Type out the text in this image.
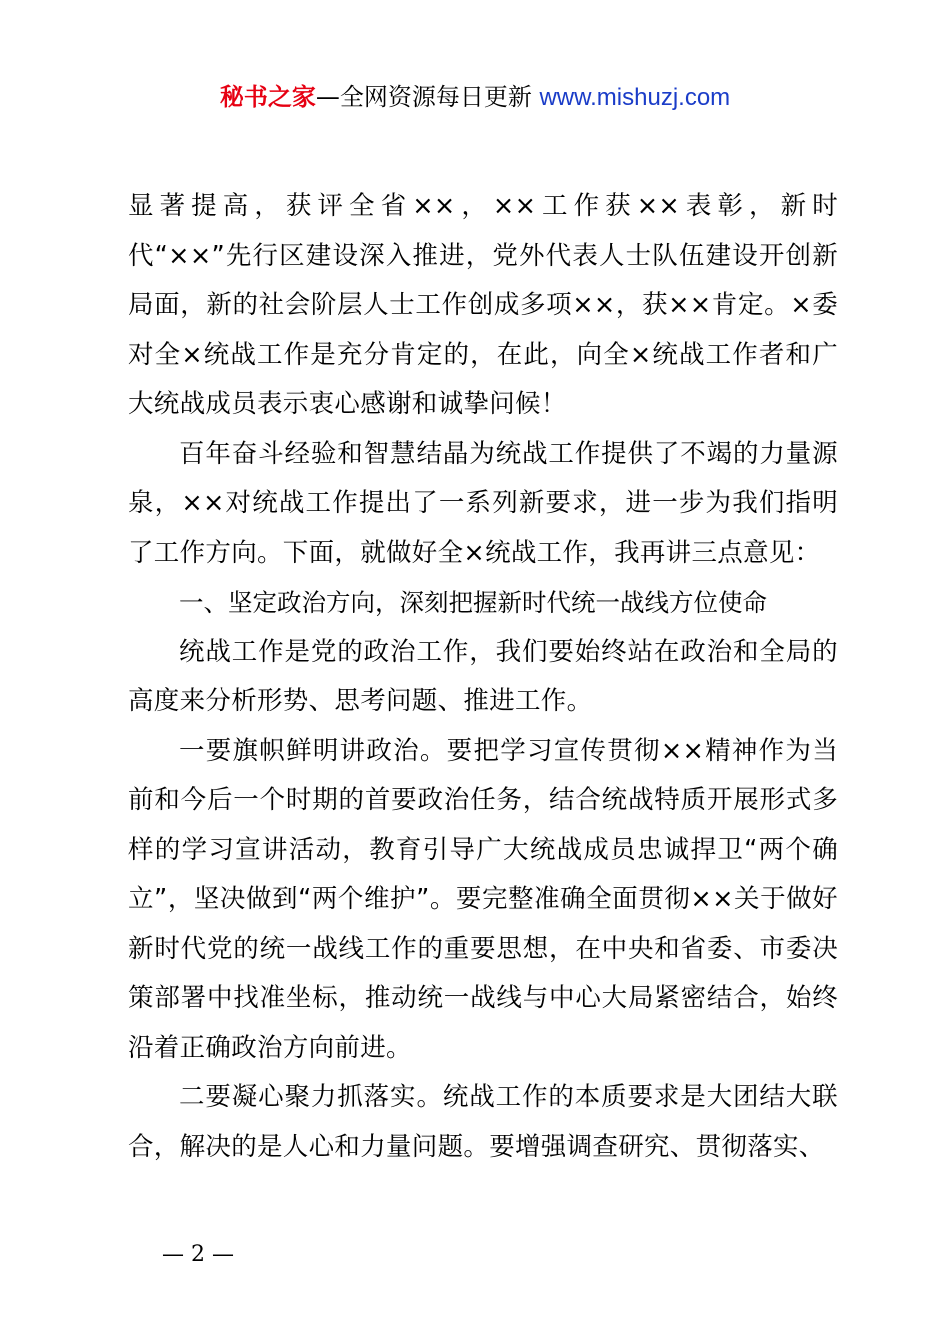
秘书之家—全网资源每日更新 www.mishuzj.com

显著提高，获评全省××，××工作获××表彰，新时代“××”先行区建设深入推进，党外代表人士队伍建设开创新局面，新的社会阶层人士工作创成多项××，获××肯定。×委对全×统战工作是充分肯定的，在此，向全×统战工作者和广大统战成员表示衷心感谢和诚挚问候！

百年奋斗经验和智慧结晶为统战工作提供了不竭的力量源泉，××对统战工作提出了一系列新要求，进一步为我们指明了工作方向。下面，就做好全×统战工作，我再讲三点意见：

一、坚定政治方向，深刻把握新时代统一战线方位使命

统战工作是党的政治工作，我们要始终站在政治和全局的高度来分析形势、思考问题、推进工作。

一要旗帜鲜明讲政治。要把学习宣传贯彻××精神作为当前和今后一个时期的首要政治任务，结合统战特质开展形式多样的学习宣讲活动，教育引导广大统战成员忠诚捍卫“两个确立”，坚决做到“两个维护”。要完整准确全面贯彻××关于做好新时代党的统一战线工作的重要思想，在中央和省委、市委决策部署中找准坐标，推动统一战线与中心大局紧密结合，始终沿着正确政治方向前进。

二要凝心聚力抓落实。统战工作的本质要求是大团结大联合，解决的是人心和力量问题。要增强调查研究、贯彻落实、

— 2 —
